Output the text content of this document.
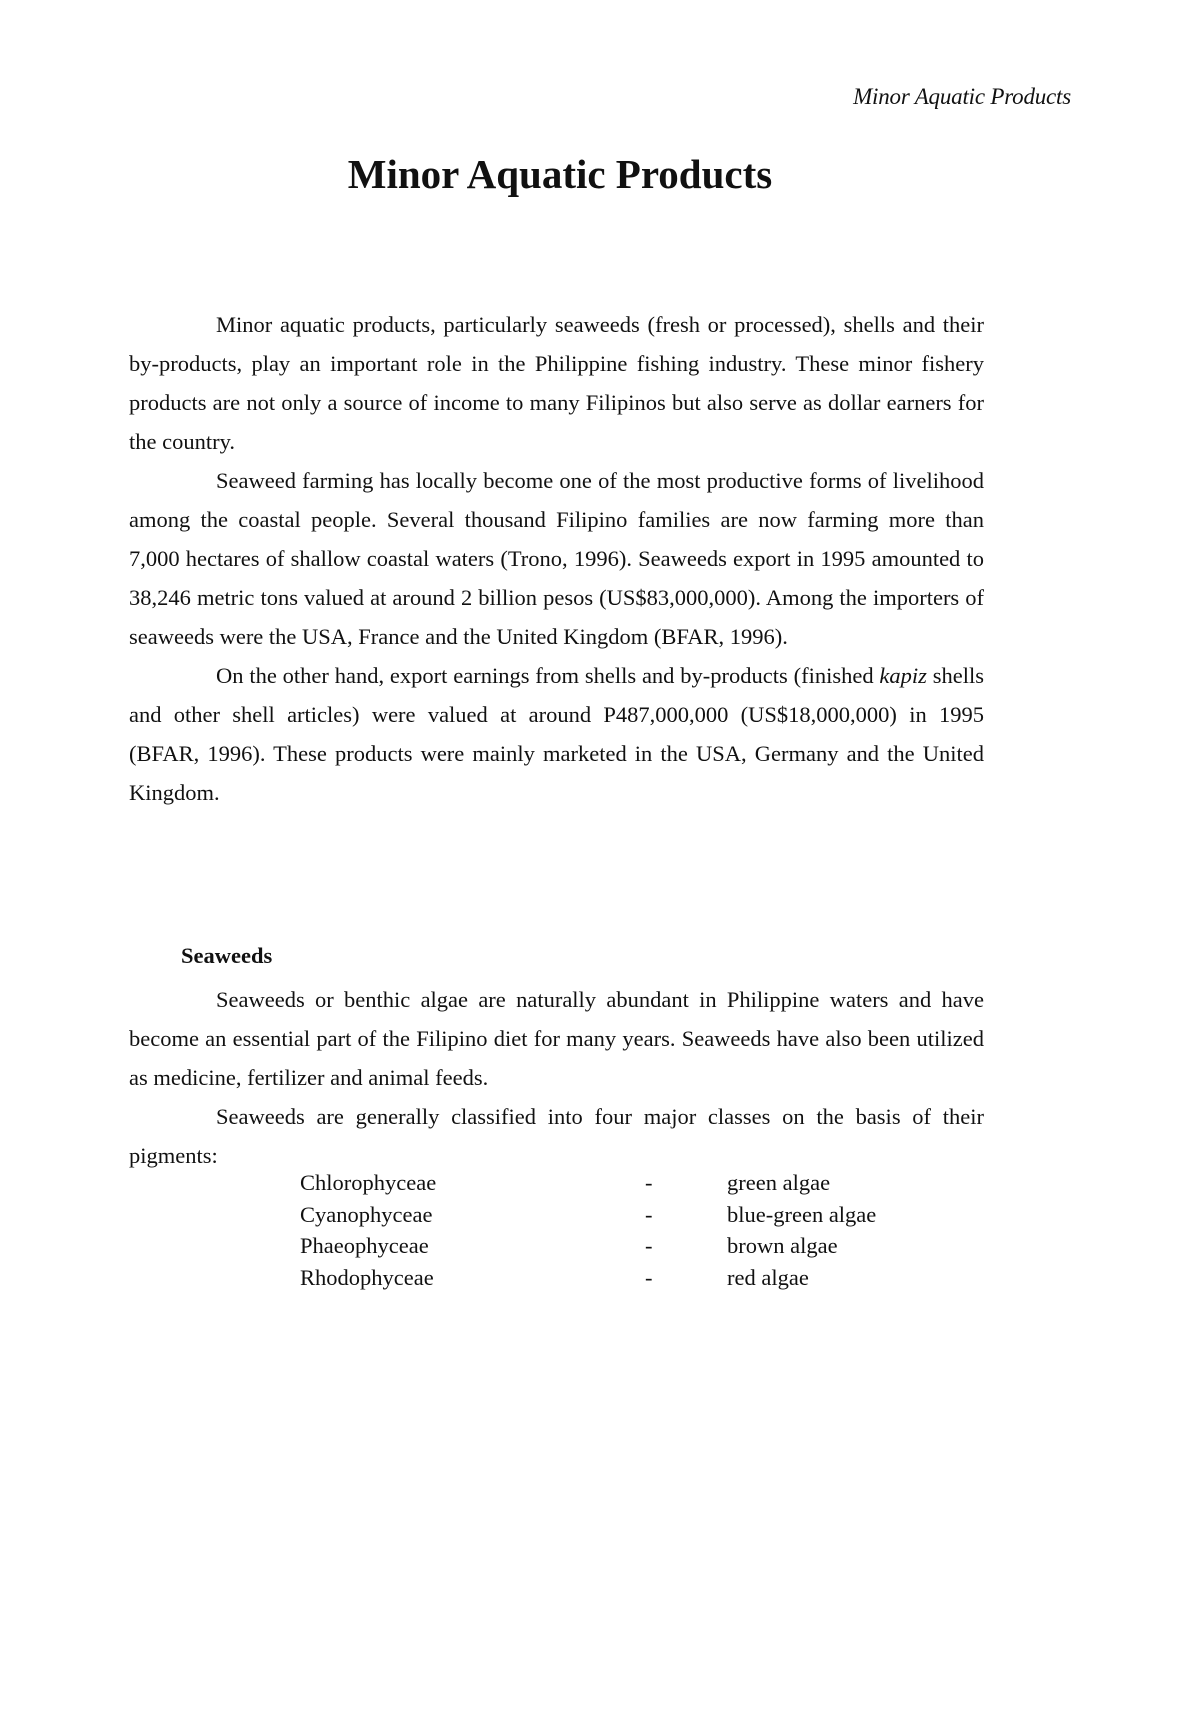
Minor Aquatic Products
Minor Aquatic Products

Minor aquatic products, particularly seaweeds (fresh or processed), shells and their by-products, play an important role in the Philippine fishing industry. These minor fishery products are not only a source of income to many Filipinos but also serve as dollar earners for the country.

Seaweed farming has locally become one of the most productive forms of livelihood among the coastal people. Several thousand Filipino families are now farming more than 7,000 hectares of shallow coastal waters (Trono, 1996). Seaweeds export in 1995 amounted to 38,246 metric tons valued at around 2 billion pesos (US$83,000,000). Among the importers of seaweeds were the USA, France and the United Kingdom (BFAR, 1996).

On the other hand, export earnings from shells and by-products (finished kapiz shells and other shell articles) were valued at around P487,000,000 (US$18,000,000) in 1995 (BFAR, 1996). These products were mainly marketed in the USA, Germany and the United Kingdom.

Seaweeds

Seaweeds or benthic algae are naturally abundant in Philippine waters and have become an essential part of the Filipino diet for many years. Seaweeds have also been utilized as medicine, fertilizer and animal feeds.

Seaweeds are generally classified into four major classes on the basis of their pigments:

Chlorophyceae	-	green algae
Cyanophyceae	-	blue-green algae
Phaeophyceae	-	brown algae
Rhodophyceae	-	red algae
